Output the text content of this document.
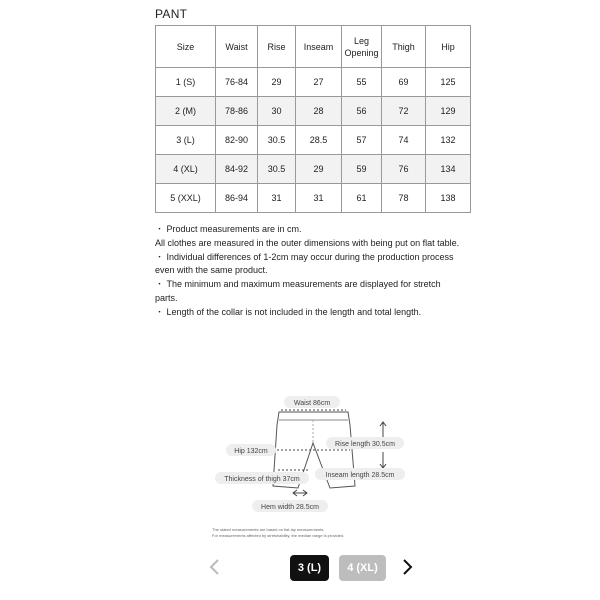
PANT
Size	Waist	Rise	Inseam	Leg Opening	Thigh	Hip
1 (S)	76-84	29	27	55	69	125
2 (M)	78-86	30	28	56	72	129
3 (L)	82-90	30.5	28.5	57	74	132
4 (XL)	84-92	30.5	29	59	76	134
5 (XXL)	86-94	31	31	61	78	138

・ Product measurements are in cm.

All clothes are measured in the outer dimensions with being put on flat table.

・ Individual differences of 1-2cm may occur during the production process even with the same product.

・ The minimum and maximum measurements are displayed for stretch parts.

・ Length of the collar is not included in the length and total length.

Waist 86cm
Rise length 30.5cm
Hip 132cm
Inseam length 28.5cm
Thickness of thigh 37cm
Hem width 28.5cm
The stated measurements are based on flat-lay measurements.
For measurements affected by stretchability, the median range is provided.
3 (L)	4 (XL)
